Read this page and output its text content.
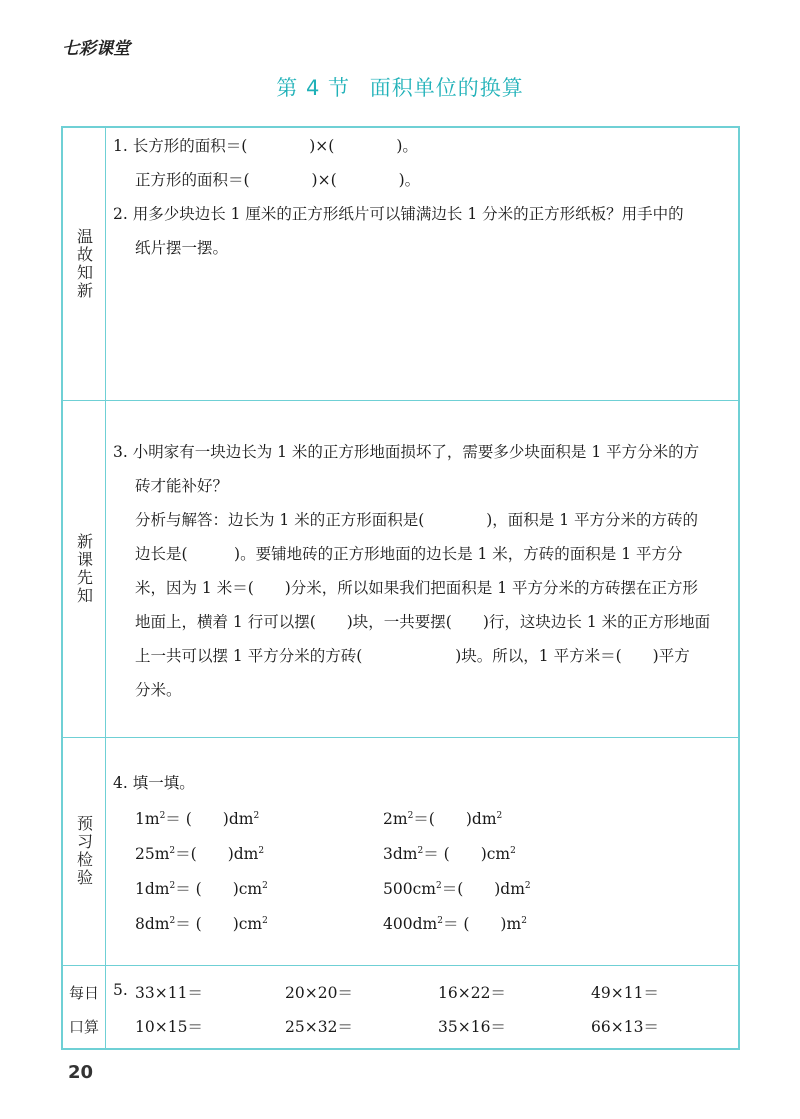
七彩课堂
第 4 节 面积单位的换算
温故知新
1. 长方形的面积＝(　　　　)×(　　　　)。
正方形的面积＝(　　　　)×(　　　　)。
2. 用多少块边长 1 厘米的正方形纸片可以铺满边长 1 分米的正方形纸板？用手中的
纸片摆一摆。
新课先知
3. 小明家有一块边长为 1 米的正方形地面损坏了，需要多少块面积是 1 平方分米的方
砖才能补好？
分析与解答：边长为 1 米的正方形面积是(　　　　)，面积是 1 平方分米的方砖的
边长是(　　　)。要铺地砖的正方形地面的边长是 1 米，方砖的面积是 1 平方分
米，因为 1 米＝(　　)分米，所以如果我们把面积是 1 平方分米的方砖摆在正方形
地面上，横着 1 行可以摆(　　)块，一共要摆(　　)行，这块边长 1 米的正方形地面
上一共可以摆 1 平方分米的方砖(　　　　　　)块。所以，1 平方米＝(　　)平方
分米。
预习检验
4. 填一填。
$1m^2=$ (　　)$dm^2$	$2m^2=$(　　)$dm^2$
$25m^2=$(　　)$dm^2$	$3dm^2=$ (　　)$cm^2$
$1dm^2=$ (　　)$cm^2$	$500cm^2=$(　　)$dm^2$
$8dm^2=$ (　　)$cm^2$	$400dm^2=$ (　　)$m^2$
每日
口算
5. 33×11＝	20×20＝	16×22＝	49×11＝
10×15＝	25×32＝	35×16＝	66×13＝
20
